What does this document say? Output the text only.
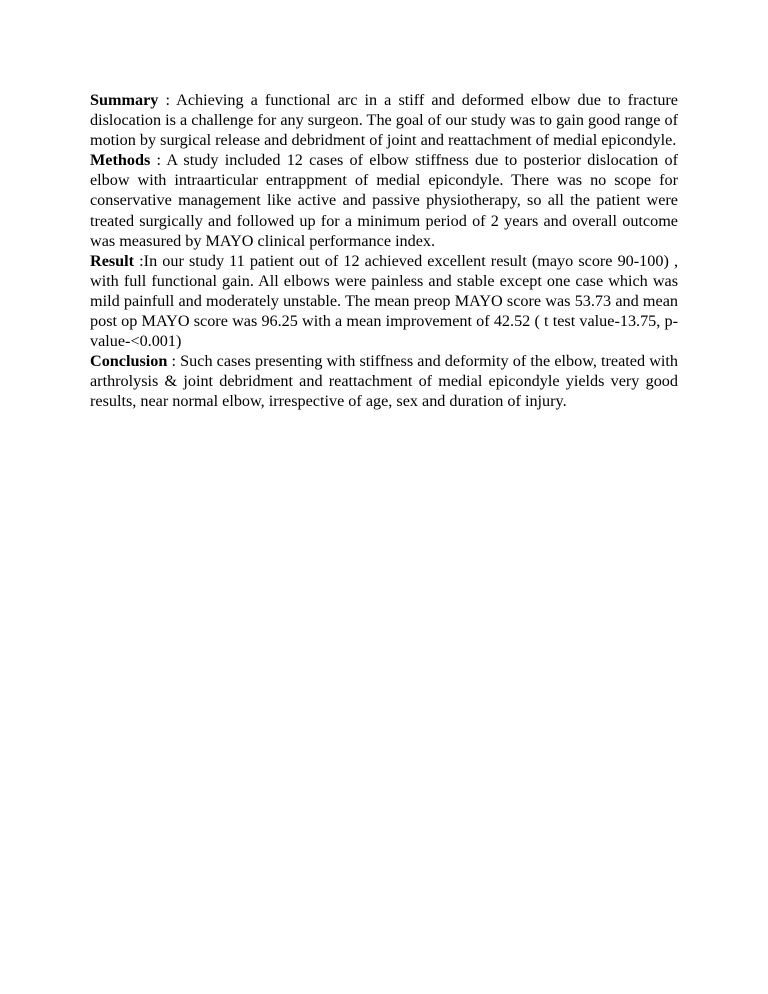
Summary : Achieving a functional arc in a stiff and deformed elbow due to fracture dislocation is a challenge for any surgeon. The goal of our study was to gain good range of motion by surgical release and debridment of joint and reattachment of medial epicondyle.

Methods : A study included 12 cases of elbow stiffness due to posterior dislocation of elbow with intraarticular entrappment of medial epicondyle. There was no scope for conservative management like active and passive physiotherapy, so all the patient were treated surgically and followed up for a minimum period of 2 years and overall outcome was measured by MAYO clinical performance index.

Result :In our study 11 patient out of 12 achieved excellent result (mayo score 90-100) , with full functional gain. All elbows were painless and stable except one case which was mild painfull and moderately unstable. The mean preop MAYO score was 53.73 and mean post op MAYO score was 96.25 with a mean improvement of 42.52 ( t test value-13.75, p-value-<0.001)

Conclusion : Such cases presenting with stiffness and deformity of the elbow, treated with arthrolysis & joint debridment and reattachment of medial epicondyle yields very good results, near normal elbow, irrespective of age, sex and duration of injury.
